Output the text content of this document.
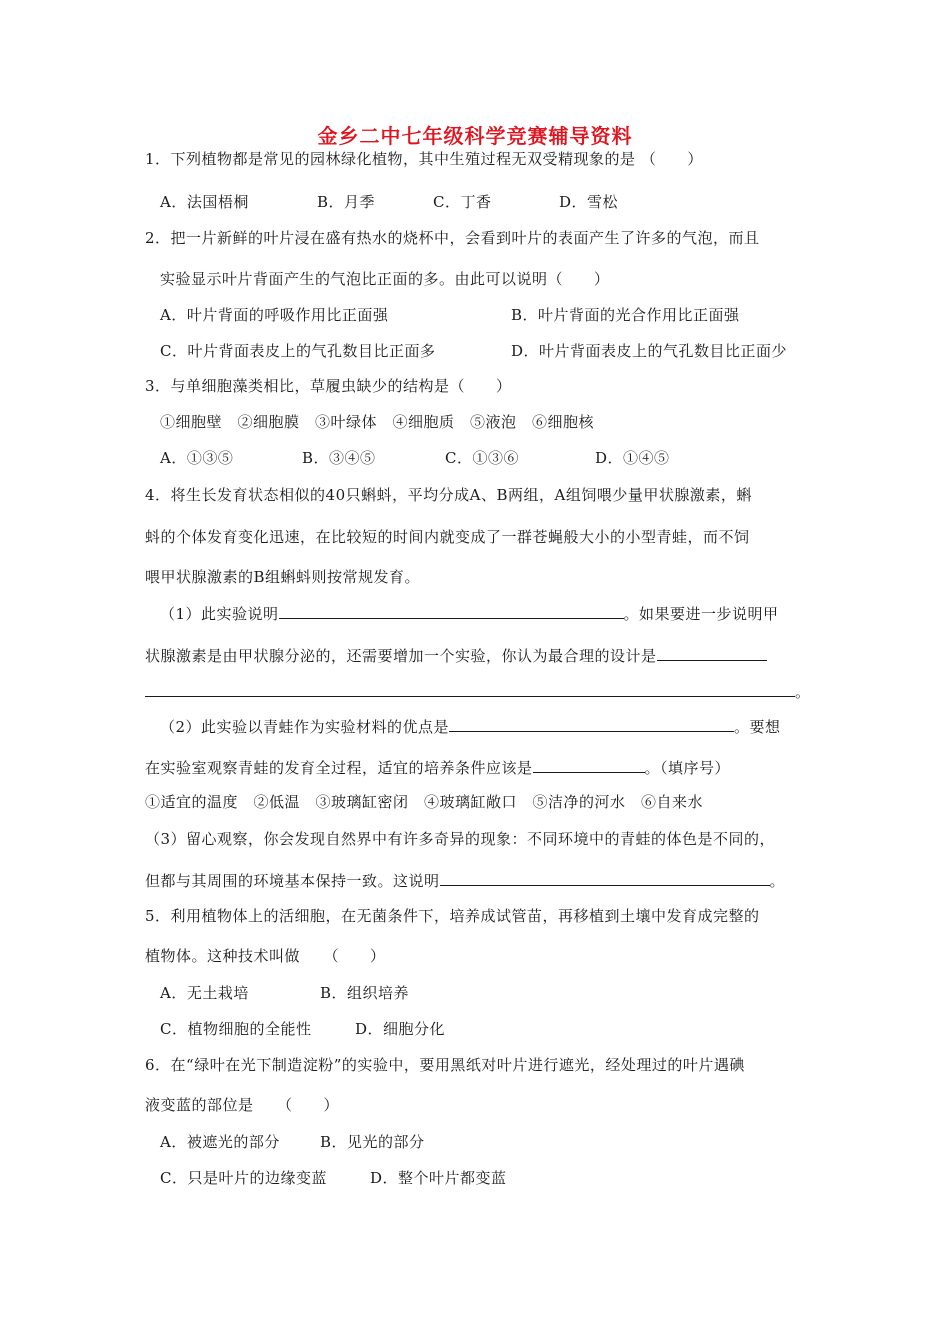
金乡二中七年级科学竞赛辅导资料
1．下列植物都是常见的园林绿化植物，其中生殖过程无双受精现象的是 （　　）
A．法国梧桐	B．月季	C．丁香	D．雪松
2．把一片新鲜的叶片浸在盛有热水的烧杯中，会看到叶片的表面产生了许多的气泡，而且
实验显示叶片背面产生的气泡比正面的多。由此可以说明（　　）
A．叶片背面的呼吸作用比正面强	B．叶片背面的光合作用比正面强
C．叶片背面表皮上的气孔数目比正面多	D．叶片背面表皮上的气孔数目比正面少
3．与单细胞藻类相比，草履虫缺少的结构是（　　）
①细胞壁　②细胞膜　③叶绿体　④细胞质　⑤液泡　⑥细胞核
A．①③⑤	B．③④⑤	C．①③⑥	D．①④⑤
4．将生长发育状态相似的40只蝌蚪，平均分成A、B两组，A组饲喂少量甲状腺激素，蝌
蚪的个体发育变化迅速，在比较短的时间内就变成了一群苍蝇般大小的小型青蛙，而不饲
喂甲状腺激素的B组蝌蚪则按常规发育。
（1）此实验说明	。如果要进一步说明甲
状腺激素是由甲状腺分泌的，还需要增加一个实验，你认为最合理的设计是
。
（2）此实验以青蛙作为实验材料的优点是	。要想
在实验室观察青蛙的发育全过程，适宜的培养条件应该是	。（填序号）
①适宜的温度　②低温　③玻璃缸密闭　④玻璃缸敞口　⑤洁净的河水　⑥自来水
（3）留心观察，你会发现自然界中有许多奇异的现象：不同环境中的青蛙的体色是不同的，
但都与其周围的环境基本保持一致。这说明	。
5．利用植物体上的活细胞，在无菌条件下，培养成试管苗，再移植到土壤中发育成完整的
植物体。这种技术叫做　　（　　）
A．无土栽培	B．组织培养
C．植物细胞的全能性	D．细胞分化
6．在“绿叶在光下制造淀粉”的实验中，要用黑纸对叶片进行遮光，经处理过的叶片遇碘
液变蓝的部位是　　（　　）
A．被遮光的部分	B．见光的部分
C．只是叶片的边缘变蓝	D．整个叶片都变蓝
